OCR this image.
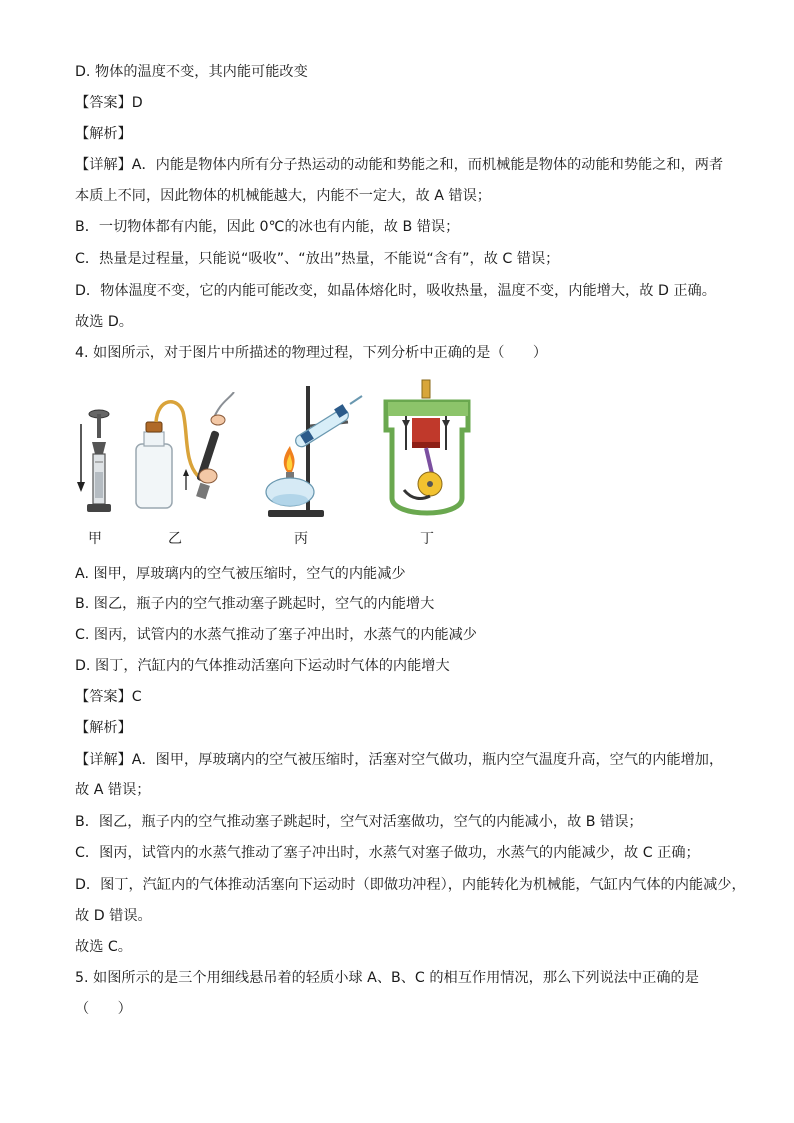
D. 物体的温度不变，其内能可能改变
【答案】D
【解析】
【详解】A．内能是物体内所有分子热运动的动能和势能之和，而机械能是物体的动能和势能之和，两者
本质上不同，因此物体的机械能越大，内能不一定大，故 A 错误；
B．一切物体都有内能，因此 0℃的冰也有内能，故 B 错误；
C．热量是过程量，只能说“吸收”、“放出”热量，不能说“含有”，故 C 错误；
D．物体温度不变，它的内能可能改变，如晶体熔化时，吸收热量，温度不变，内能增大，故 D 正确。
故选 D。
4. 如图所示，对于图片中所描述的物理过程，下列分析中正确的是（　　）
甲	乙	丙	丁
A. 图甲，厚玻璃内的空气被压缩时，空气的内能减少
B. 图乙，瓶子内的空气推动塞子跳起时，空气的内能增大
C. 图丙，试管内的水蒸气推动了塞子冲出时，水蒸气的内能减少
D. 图丁，汽缸内的气体推动活塞向下运动时气体的内能增大
【答案】C
【解析】
【详解】A．图甲，厚玻璃内的空气被压缩时，活塞对空气做功，瓶内空气温度升高，空气的内能增加，
故 A 错误；
B．图乙，瓶子内的空气推动塞子跳起时，空气对活塞做功，空气的内能减小，故 B 错误；
C．图丙，试管内的水蒸气推动了塞子冲出时，水蒸气对塞子做功，水蒸气的内能减少，故 C 正确；
D．图丁，汽缸内的气体推动活塞向下运动时（即做功冲程），内能转化为机械能，气缸内气体的内能减少，
故 D 错误。
故选 C。
5. 如图所示的是三个用细线悬吊着的轻质小球 A、B、C 的相互作用情况，那么下列说法中正确的是
（　　）
